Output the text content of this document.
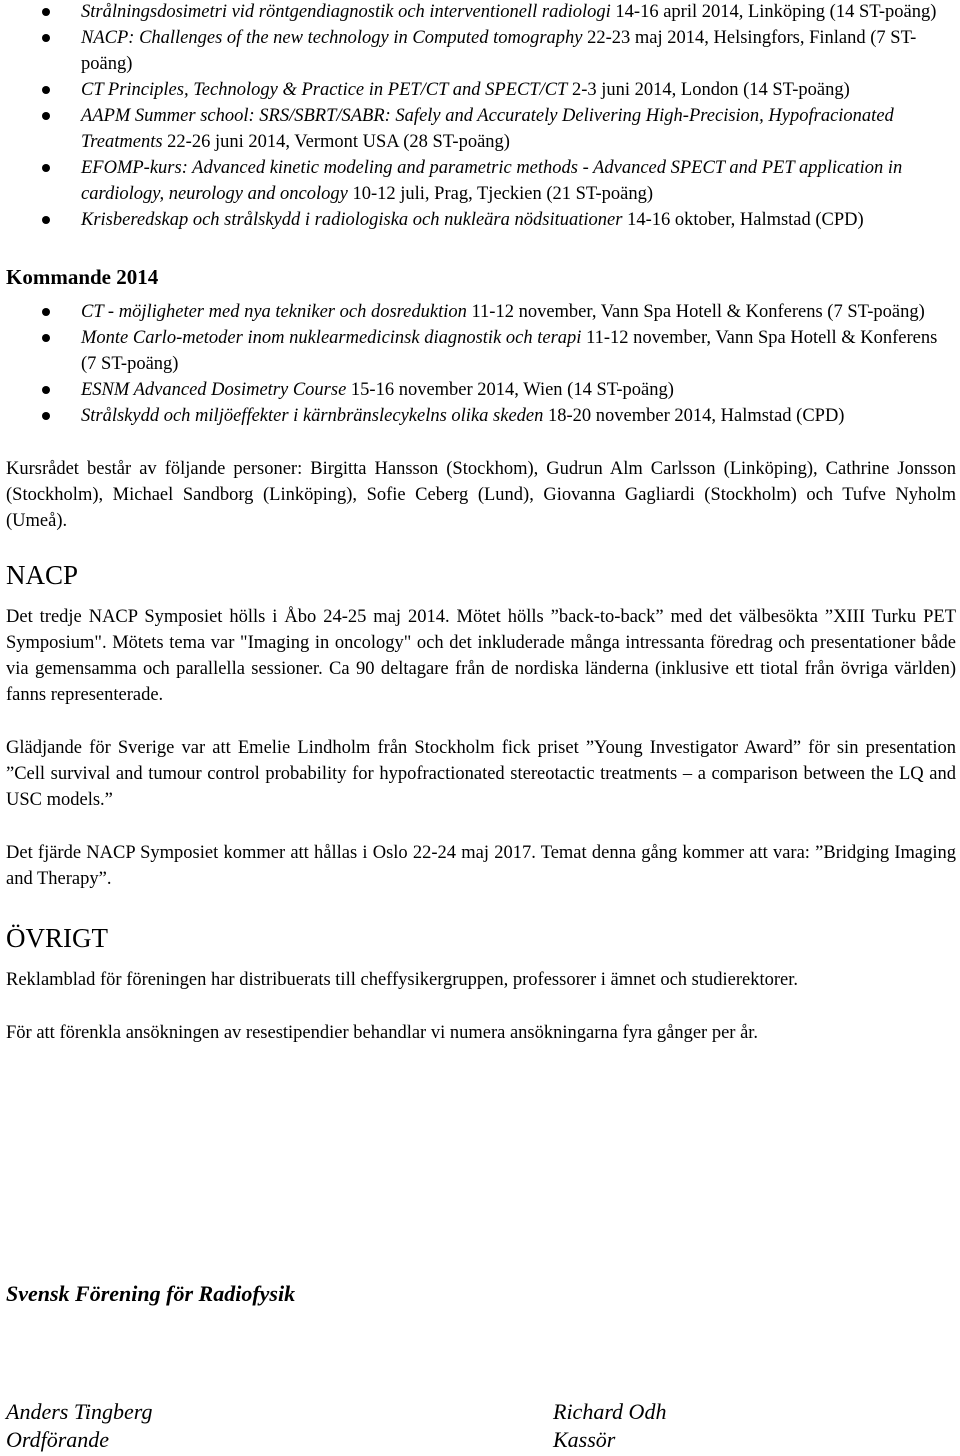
Strålningsdosimetri vid röntgendiagnostik och interventionell radiologi 14-16 april 2014, Linköping (14 ST-poäng)
NACP: Challenges of the new technology in Computed tomography 22-23 maj 2014, Helsingfors, Finland (7 ST-poäng)
CT Principles, Technology & Practice in PET/CT and SPECT/CT 2-3 juni 2014, London (14 ST-poäng)
AAPM Summer school: SRS/SBRT/SABR: Safely and Accurately Delivering High-Precision, Hypofracionated Treatments 22-26 juni 2014, Vermont USA (28 ST-poäng)
EFOMP-kurs: Advanced kinetic modeling and parametric methods - Advanced SPECT and PET application in cardiology, neurology and oncology 10-12 juli, Prag, Tjeckien (21 ST-poäng)
Krisberedskap och strålskydd i radiologiska och nukleära nödsituationer 14-16 oktober, Halmstad (CPD)
Kommande 2014
CT - möjligheter med nya tekniker och dosreduktion 11-12 november, Vann Spa Hotell & Konferens (7 ST-poäng)
Monte Carlo-metoder inom nuklearmedicinsk diagnostik och terapi 11-12 november, Vann Spa Hotell & Konferens (7 ST-poäng)
ESNM Advanced Dosimetry Course 15-16 november 2014, Wien (14 ST-poäng)
Strålskydd och miljöeffekter i kärnbränslecykelns olika skeden 18-20 november 2014, Halmstad (CPD)

Kursrådet består av följande personer: Birgitta Hansson (Stockhom), Gudrun Alm Carlsson (Linköping), Cathrine Jonsson (Stockholm), Michael Sandborg (Linköping), Sofie Ceberg (Lund), Giovanna Gagliardi (Stockholm) och Tufve Nyholm (Umeå).

NACP

Det tredje NACP Symposiet hölls i Åbo 24-25 maj 2014. Mötet hölls ”back-to-back” med det välbesökta ”XIII Turku PET Symposium". Mötets tema var "Imaging in oncology" och det inkluderade många intressanta föredrag och presentationer både via gemensamma och parallella sessioner. Ca 90 deltagare från de nordiska länderna (inklusive ett tiotal från övriga världen) fanns representerade.

Glädjande för Sverige var att Emelie Lindholm från Stockholm fick priset ”Young Investigator Award” för sin presentation ”Cell survival and tumour control probability for hypofractionated stereotactic treatments – a comparison between the LQ and USC models.”

Det fjärde NACP Symposiet kommer att hållas i Oslo 22-24 maj 2017. Temat denna gång kommer att vara: ”Bridging Imaging and Therapy”.

ÖVRIGT

Reklamblad för föreningen har distribuerats till cheffysikergruppen, professorer i ämnet och studierektorer.

För att förenkla ansökningen av resestipendier behandlar vi numera ansökningarna fyra gånger per år.

Svensk Förening för Radiofysik
Anders Tingberg
Ordförande
Richard Odh
Kassör
